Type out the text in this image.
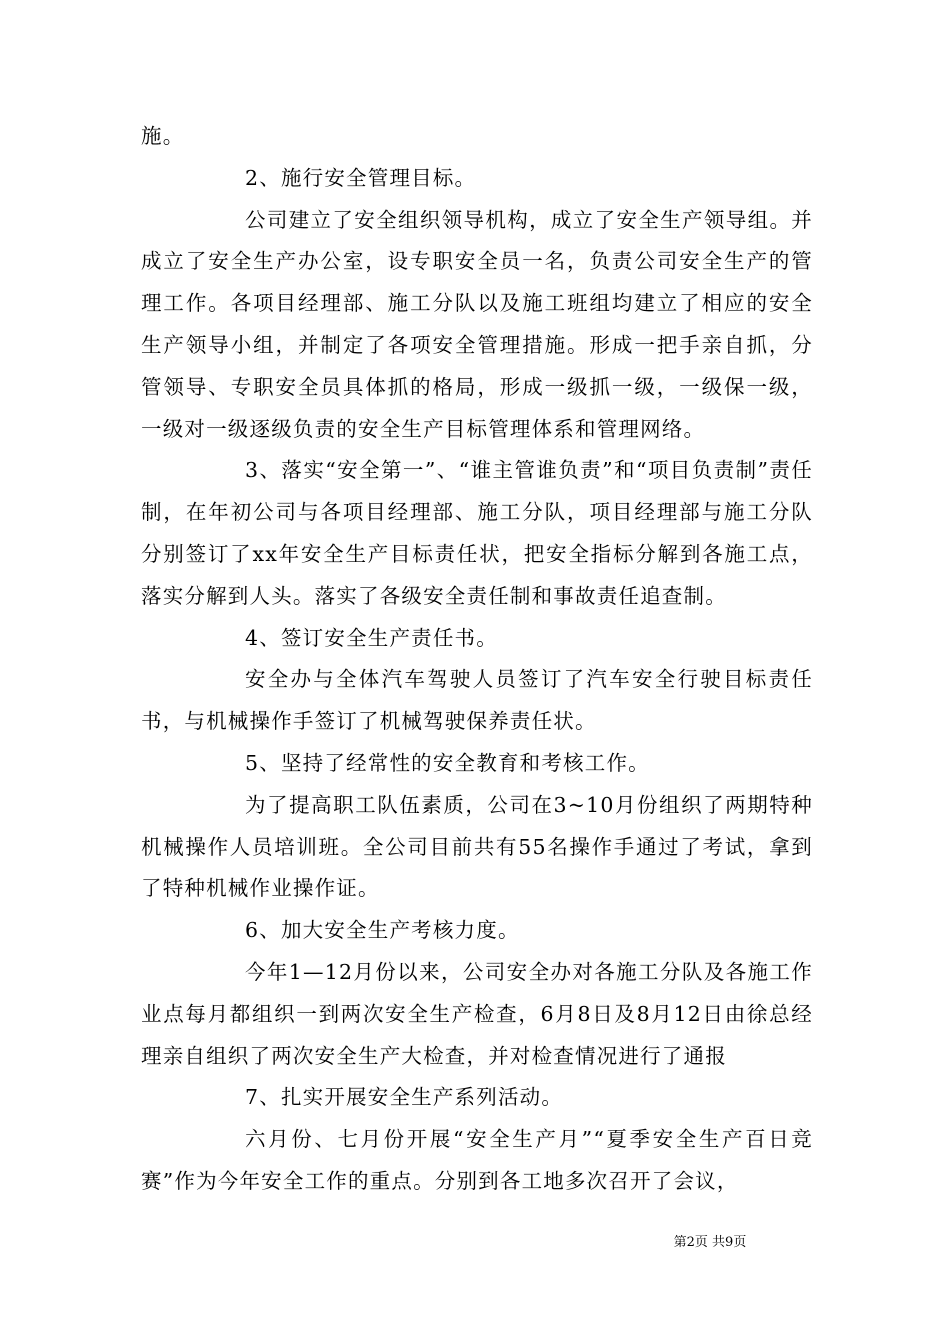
施。

2、施行安全管理目标。

公司建立了安全组织领导机构，成立了安全生产领导组。并成立了安全生产办公室，设专职安全员一名，负责公司安全生产的管理工作。各项目经理部、施工分队以及施工班组均建立了相应的安全生产领导小组，并制定了各项安全管理措施。形成一把手亲自抓，分管领导、专职安全员具体抓的格局，形成一级抓一级，一级保一级，一级对一级逐级负责的安全生产目标管理体系和管理网络。

3、落实“安全第一”、“谁主管谁负责”和“项目负责制”责任制，在年初公司与各项目经理部、施工分队，项目经理部与施工分队分别签订了xx年安全生产目标责任状，把安全指标分解到各施工点，落实分解到人头。落实了各级安全责任制和事故责任追查制。

4、签订安全生产责任书。

安全办与全体汽车驾驶人员签订了汽车安全行驶目标责任书，与机械操作手签订了机械驾驶保养责任状。

5、坚持了经常性的安全教育和考核工作。

为了提高职工队伍素质，公司在3~10月份组织了两期特种机械操作人员培训班。全公司目前共有55名操作手通过了考试，拿到了特种机械作业操作证。

6、加大安全生产考核力度。

今年1—12月份以来，公司安全办对各施工分队及各施工作业点每月都组织一到两次安全生产检查，6月8日及8月12日由徐总经理亲自组织了两次安全生产大检查，并对检查情况进行了通报

7、扎实开展安全生产系列活动。

六月份、七月份开展“安全生产月”“夏季安全生产百日竞赛”作为今年安全工作的重点。分别到各工地多次召开了会议，

第2页 共9页
